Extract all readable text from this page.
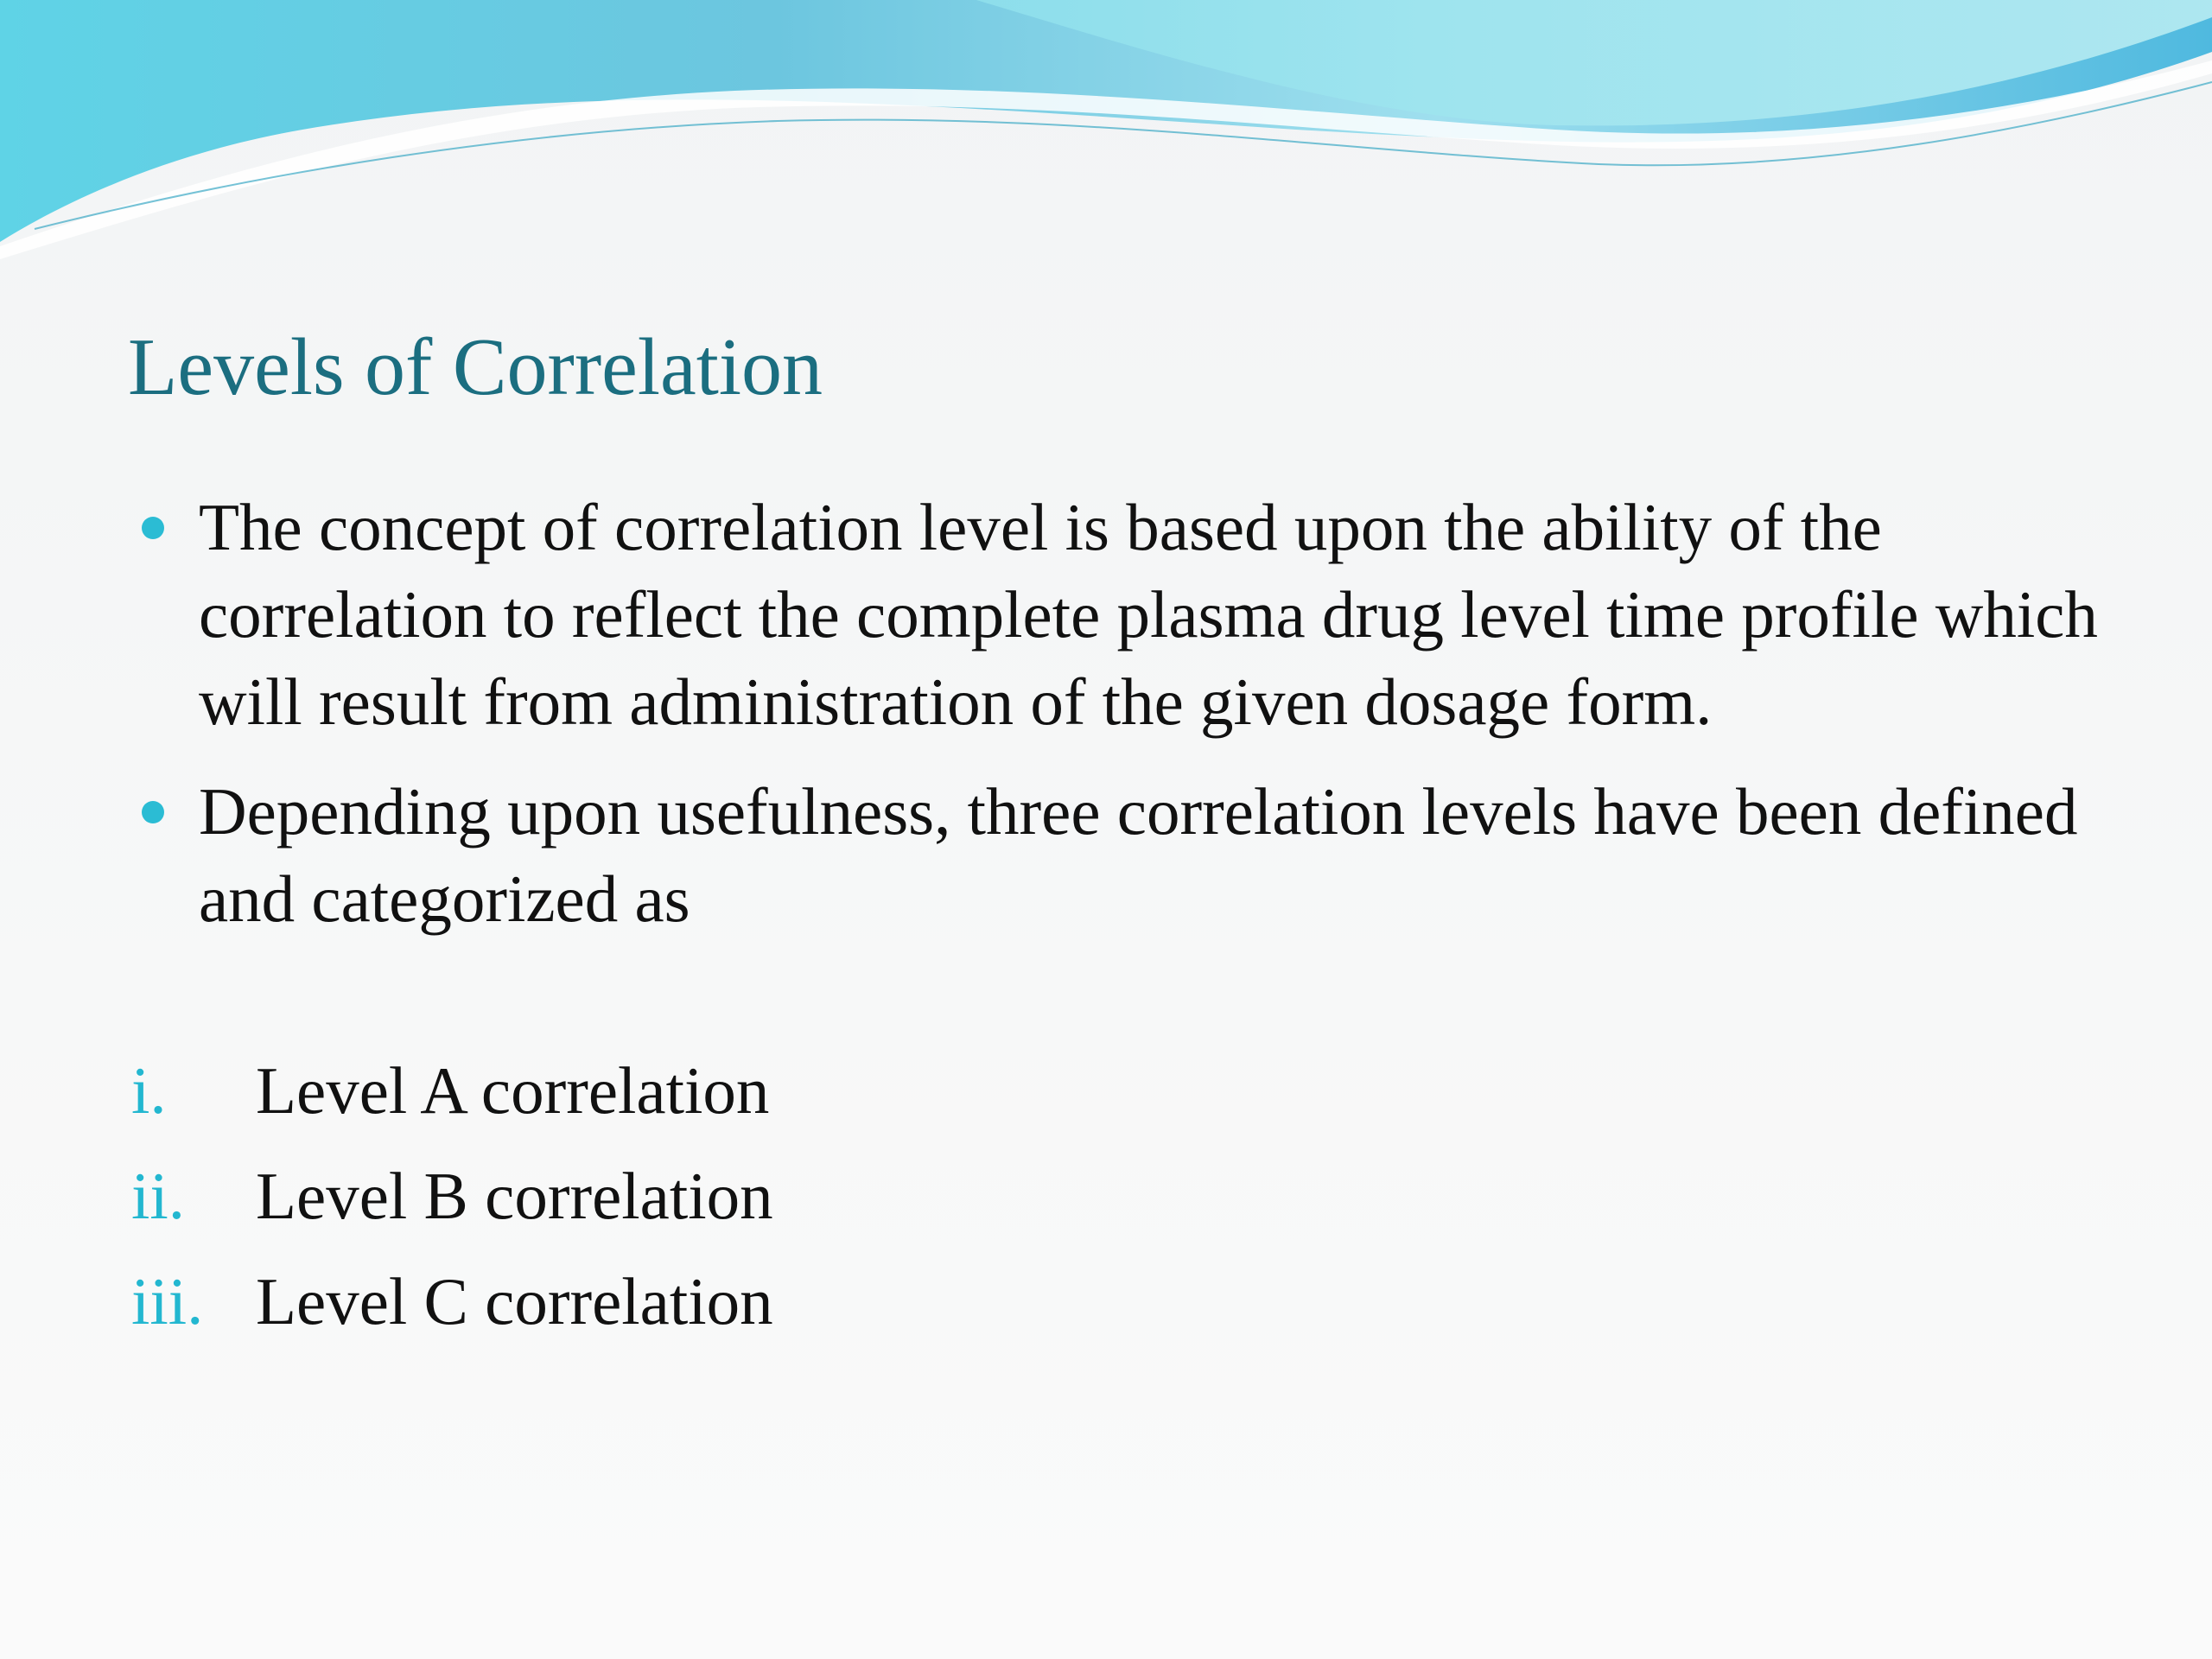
Levels of Correlation
The concept of correlation level is based upon the ability of the correlation to reflect the complete plasma drug level time profile which will result from administration of the given dosage form.
Depending upon usefulness, three correlation levels have been defined and categorized as
i. Level A correlation
ii. Level B correlation
iii. Level C correlation
